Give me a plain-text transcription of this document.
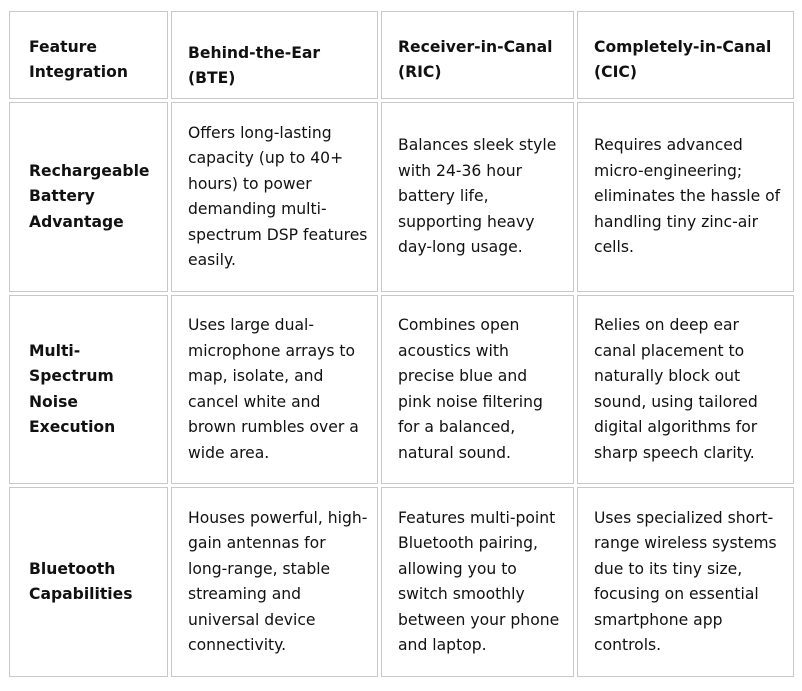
Feature Integration	Behind-the-Ear (BTE)	Receiver-in-Canal (RIC)	Completely-in-Canal (CIC)

Rechargeable Battery Advantage	Offers long-lasting capacity (up to 40+ hours) to power demanding multi-spectrum DSP features easily.	Balances sleek style with 24-36 hour battery life, supporting heavy day-long usage.	Requires advanced micro-engineering; eliminates the hassle of handling tiny zinc-air cells.

Multi-Spectrum Noise Execution	Uses large dual-microphone arrays to map, isolate, and cancel white and brown rumbles over a wide area.	Combines open acoustics with precise blue and pink noise filtering for a balanced, natural sound.	Relies on deep ear canal placement to naturally block out sound, using tailored digital algorithms for sharp speech clarity.

Bluetooth Capabilities	Houses powerful, high-gain antennas for long-range, stable streaming and universal device connectivity.	Features multi-point Bluetooth pairing, allowing you to switch smoothly between your phone and laptop.	Uses specialized short-range wireless systems due to its tiny size, focusing on essential smartphone app controls.
